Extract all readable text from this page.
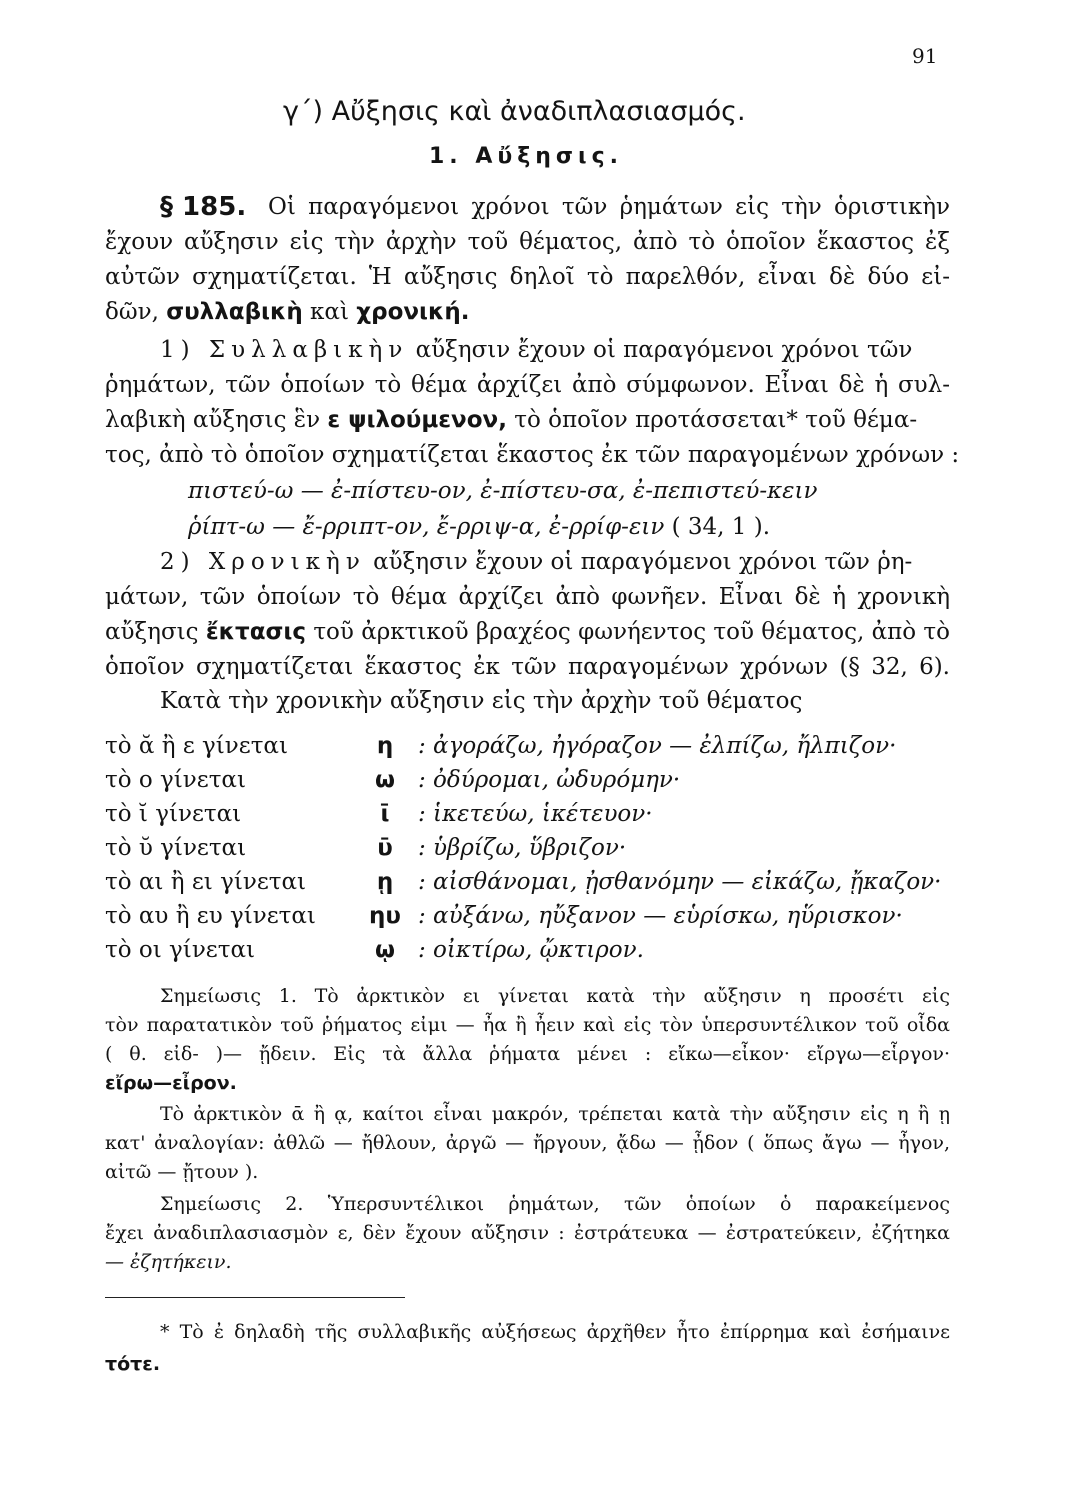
91
γ΄) Αὔξησις καὶ ἀναδιπλασιασμός.
1. Αὔξησις.
§ 185. Οἱ παραγόμενοι χρόνοι τῶν ῥημάτων εἰς τὴν ὁριστικὴν
ἔχουν αὔξησιν εἰς τὴν ἀρχὴν τοῦ θέματος, ἀπὸ τὸ ὁποῖον ἕκαστος ἐξ
αὐτῶν σχηματίζεται. Ἡ αὔξησις δηλοῖ τὸ παρελθόν, εἶναι δὲ δύο εἰ-
δῶν, συλλαβικὴ καὶ χρονική.
1) Συλλαβικὴν αὔξησιν ἔχουν οἱ παραγόμενοι χρόνοι τῶν
ῥημάτων, τῶν ὁποίων τὸ θέμα ἀρχίζει ἀπὸ σύμφωνον. Εἶναι δὲ ἡ συλ-
λαβικὴ αὔξησις ἓν ε ψιλούμενον, τὸ ὁποῖον προτάσσεται* τοῦ θέμα-
τος, ἀπὸ τὸ ὁποῖον σχηματίζεται ἕκαστος ἐκ τῶν παραγομένων χρόνων :
πιστεύ-ω — ἐ-πίστευ-ον, ἐ-πίστευ-σα, ἐ-πεπιστεύ-κειν
ῥίπτ-ω — ἔ-ρριπτ-ον, ἔ-ρριψ-α, ἐ-ρρίφ-ειν ( 34, 1 ).
2) Χρονικὴν αὔξησιν ἔχουν οἱ παραγόμενοι χρόνοι τῶν ῥη-
μάτων, τῶν ὁποίων τὸ θέμα ἀρχίζει ἀπὸ φωνῆεν. Εἶναι δὲ ἡ χρονικὴ
αὔξησις ἔκτασις τοῦ ἀρκτικοῦ βραχέος φωνήεντος τοῦ θέματος, ἀπὸ τὸ
ὁποῖον σχηματίζεται ἕκαστος ἐκ τῶν παραγομένων χρόνων (§ 32, 6).
Κατὰ τὴν χρονικὴν αὔξησιν εἰς τὴν ἀρχὴν τοῦ θέματος
τὸ ᾰ ἢ ε γίνεται	η	: ἀγοράζω, ἠγόραζον — ἐλπίζω, ἤλπιζον·
τὸ ο γίνεται	ω	: ὀδύρομαι, ὠδυρόμην·
τὸ ῐ γίνεται	ῑ	: ἱκετεύω, ἱκέτευον·
τὸ ῠ γίνεται	ῡ	: ὑβρίζω, ὕβριζον·
τὸ αι ἢ ει γίνεται	ῃ	: αἰσθάνομαι, ᾐσθανόμην — εἰκάζω, ᾔκαζον·
τὸ αυ ἢ ευ γίνεται	ηυ : αὐξάνω, ηὔξανον — εὑρίσκω, ηὕρισκον·
τὸ οι γίνεται	ῳ	: οἰκτίρω, ᾤκτιρον.
Σημείωσις 1. Τὸ ἀρκτικὸν ει γίνεται κατὰ τὴν αὔξησιν η προσέτι εἰς
τὸν παρατατικὸν τοῦ ῥήματος εἰμι — ἦα ἢ ἦειν καὶ εἰς τὸν ὑπερσυντέλικον τοῦ οἶδα
( θ. εἰδ- )— ᾔδειν. Εἰς τὰ ἄλλα ῥήματα μένει : εἴκω—εἶκον· εἴργω—εἷργον·
εἴρω—εἶρον.
Τὸ ἀρκτικὸν ᾱ ἢ ᾳ, καίτοι εἶναι μακρόν, τρέπεται κατὰ τὴν αὔξησιν εἰς η ἢ ῃ
κατ' ἀναλογίαν: ἀθλῶ — ἤθλουν, ἀργῶ — ἤργουν, ᾄδω — ᾖδον ( ὅπως ἄγω — ἦγον,
αἰτῶ — ᾔτουν ).
Σημείωσις 2. Ὑπερσυντέλικοι ῥημάτων, τῶν ὁποίων ὁ παρακείμενος
ἔχει ἀναδιπλασιασμὸν ε, δὲν ἔχουν αὔξησιν : ἐστράτευκα — ἐστρατεύκειν, ἐζήτηκα
— ἐζητήκειν.
* Τὸ ἐ δηλαδὴ τῆς συλλαβικῆς αὐξήσεως ἀρχῆθεν ἦτο ἐπίρρημα καὶ ἐσήμαινε
τότε.
